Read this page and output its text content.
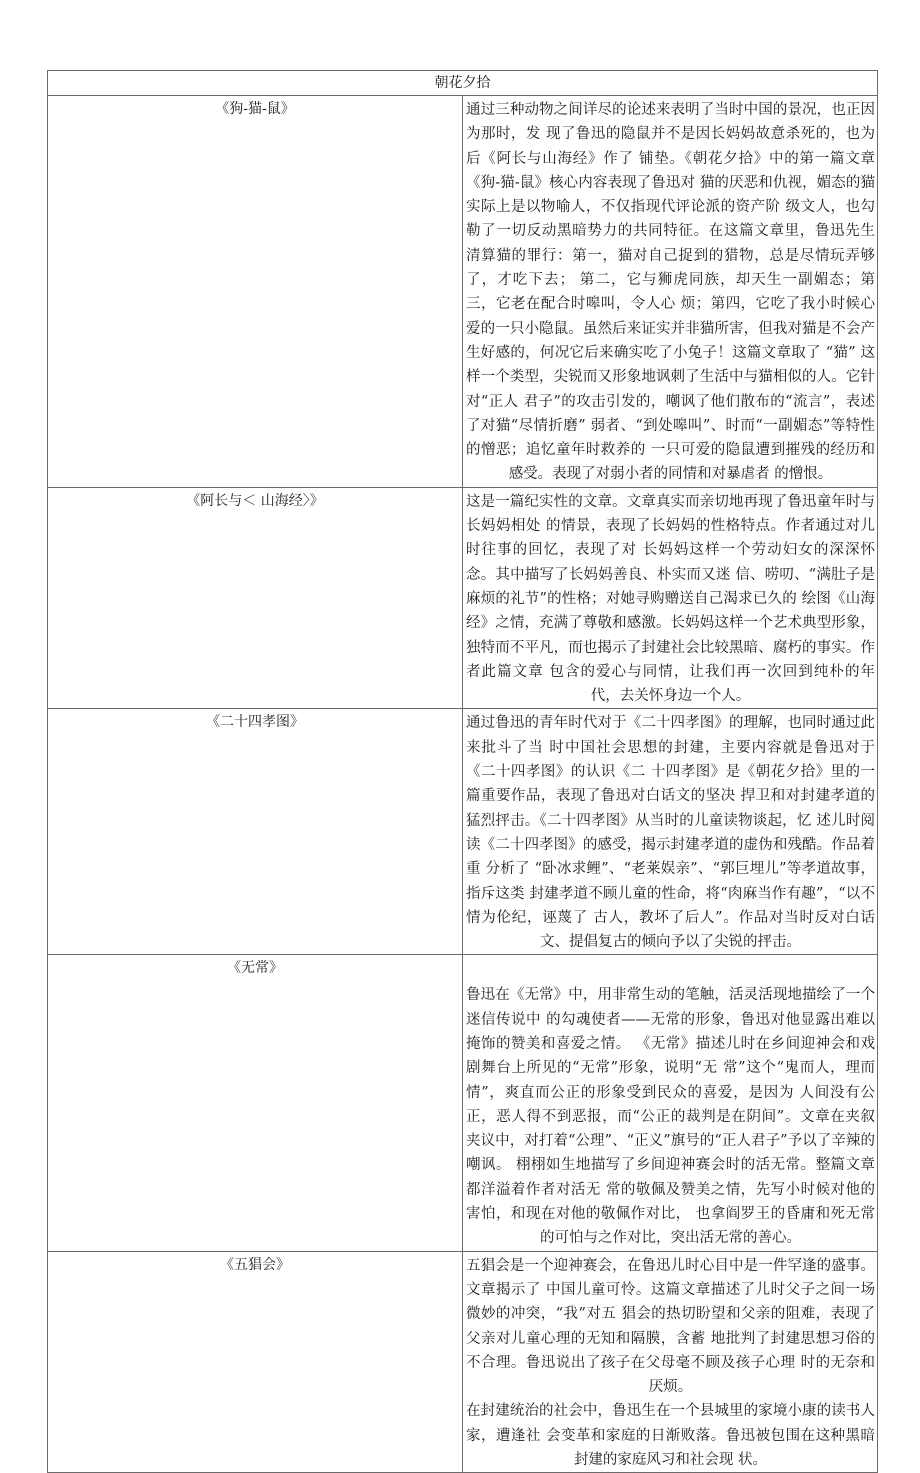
朝花夕拾	
《狗-猫-鼠》	通过三种动物之间详尽的论述来表明了当时中国的景况，也正因为那时，发 现了鲁迅的隐鼠并不是因长妈妈故意杀死的，也为后《阿长与山海经》作了 铺垫。《朝花夕拾》中的第一篇文章《狗-猫-鼠》核心内容表现了鲁迅对 猫的厌恶和仇视，媚态的猫实际上是以物喻人，不仅指现代评论派的资产阶 级文人，也勾勒了一切反动黑暗势力的共同特征。在这篇文章里，鲁迅先生 清算猫的罪行：第一，猫对自己捉到的猎物，总是尽情玩弄够了，才吃下去； 第二，它与狮虎同族，却天生一副媚态；第三，它老在配合时嗥叫，令人心 烦；第四，它吃了我小时候心爱的一只小隐鼠。虽然后来证实并非猫所害，但我对猫是不会产生好感的，何况它后来确实吃了小兔子！这篇文章取了 “猫” 这样一个类型，尖锐而又形象地讽刺了生活中与猫相似的人。它针对“正人 君子”的攻击引发的，嘲讽了他们散布的“流言”，表述了对猫“尽情折磨” 弱者、“到处嗥叫”、时而“一副媚态”等特性的憎恶；追忆童年时救养的 一只可爱的隐鼠遭到摧残的经历和感受。表现了对弱小者的同情和对暴虐者 的憎恨。

《阿长与＜ 山海经〉》	这是一篇纪实性的文章。文章真实而亲切地再现了鲁迅童年时与长妈妈相处 的情景，表现了长妈妈的性格特点。作者通过对儿时往事的回忆，表现了对 长妈妈这样一个劳动妇女的深深怀念。其中描写了长妈妈善良、朴实而又迷 信、唠叨、“满肚子是麻烦的礼节”的性格；对她寻购赠送自己渴求已久的 绘图《山海经》之情，充满了尊敬和感激。长妈妈这样一个艺术典型形象， 独特而不平凡，而也揭示了封建社会比较黑暗、腐朽的事实。作者此篇文章 包含的爱心与同情，让我们再一次回到纯朴的年代，去关怀身边一个人。

《二十四孝图》	通过鲁迅的青年时代对于《二十四孝图》的理解，也同时通过此来批斗了当 时中国社会思想的封建，主要内容就是鲁迅对于《二十四孝图》的认识《二 十四孝图》是《朝花夕拾》里的一篇重要作品，表现了鲁迅对白话文的坚决 捍卫和对封建孝道的猛烈抨击。《二十四孝图》从当时的儿童读物谈起，忆 述儿时阅读《二十四孝图》的感受，揭示封建孝道的虚伪和残酷。作品着重 分析了 “卧冰求鲤”、“老莱娱亲”、“郭巨埋儿”等孝道故事，指斥这类 封建孝道不顾儿童的性命，将“肉麻当作有趣”，“以不情为伦纪，诬蔑了 古人，教坏了后人”。作品对当时反对白话文、提倡复古的倾向予以了尖锐的抨击。

《无常》	鲁迅在《无常》中，用非常生动的笔触，活灵活现地描绘了一个迷信传说中 的勾魂使者——无常的形象，鲁迅对他显露出难以掩饰的赞美和喜爱之情。 《无常》描述儿时在乡间迎神会和戏剧舞台上所见的“无常”形象，说明“无 常”这个“鬼而人，理而情”，爽直而公正的形象受到民众的喜爱，是因为 人间没有公正，恶人得不到恶报，而“公正的裁判是在阴间”。文章在夹叙 夹议中，对打着“公理”、“正义”旗号的“正人君子”予以了辛辣的嘲讽。 栩栩如生地描写了乡间迎神赛会时的活无常。整篇文章都洋溢着作者对活无 常的敬佩及赞美之情，先写小时候对他的害怕，和现在对他的敬佩作对比， 也拿阎罗王的昏庸和死无常的可怕与之作对比，突出活无常的善心。

《五猖会》	五猖会是一个迎神赛会，在鲁迅儿时心目中是一件罕逢的盛事。文章揭示了 中国儿童可怜。这篇文章描述了儿时父子之间一场微妙的冲突，“我”对五 猖会的热切盼望和父亲的阻难，表现了父亲对儿童心理的无知和隔膜，含蓄 地批判了封建思想习俗的不合理。鲁迅说出了孩子在父母毫不顾及孩子心理 时的无奈和厌烦。

在封建统治的社会中，鲁迅生在一个县城里的家境小康的读书人家，遭逢社 会变革和家庭的日渐败落。鲁迅被包围在这种黑暗封建的家庭风习和社会现 状。
